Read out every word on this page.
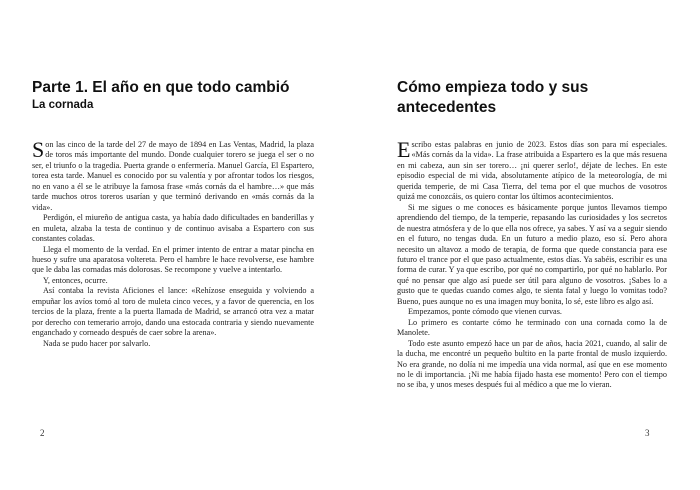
Parte 1. El año en que todo cambió
La cornada

Son las cinco de la tarde del 27 de mayo de 1894 en Las Ventas, Madrid, la plaza de toros más importante del mundo. Donde cualquier torero se juega el ser o no ser, el triunfo o la tragedia. Puerta grande o enfermería. Manuel García, El Espartero, torea esta tarde. Manuel es conocido por su valentía y por afrontar todos los riesgos, no en vano a él se le atribuye la famosa frase «más cornás da el hambre…» que más tarde muchos otros toreros usarían y que terminó derivando en «más cornás da la vida».

Perdigón, el miureño de antigua casta, ya había dado dificultades en banderillas y en muleta, alzaba la testa de continuo y de continuo avisaba a Espartero con sus constantes coladas.

Llega el momento de la verdad. En el primer intento de entrar a matar pincha en hueso y sufre una aparatosa voltereta. Pero el hambre le hace revolverse, ese hambre que le daba las cornadas más dolorosas. Se recompone y vuelve a intentarlo.

Y, entonces, ocurre.

Así contaba la revista Aficiones el lance: «Rehízose enseguida y volviendo a empuñar los avíos tomó al toro de muleta cinco veces, y a favor de querencia, en los tercios de la plaza, frente a la puerta llamada de Madrid, se arrancó otra vez a matar por derecho con temerario arrojo, dando una estocada contraria y siendo nuevamente enganchado y corneado después de caer sobre la arena».

Nada se pudo hacer por salvarlo.

2
Cómo empieza todo y sus antecedentes

Escribo estas palabras en junio de 2023. Estos días son para mí especiales. «Más cornás da la vida». La frase atribuida a Espartero es la que más resuena en mi cabeza, aun sin ser torero… ¡ni querer serlo!, déjate de leches. En este episodio especial de mi vida, absolutamente atípico de la meteorología, de mi querida temperie, de mi Casa Tierra, del tema por el que muchos de vosotros quizá me conozcáis, os quiero contar los últimos acontecimientos.

Si me sigues o me conoces es básicamente porque juntos llevamos tiempo aprendiendo del tiempo, de la temperie, repasando las curiosidades y los secretos de nuestra atmósfera y de lo que ella nos ofrece, ya sabes. Y así va a seguir siendo en el futuro, no tengas duda. En un futuro a medio plazo, eso sí. Pero ahora necesito un altavoz a modo de terapia, de forma que quede constancia para ese futuro el trance por el que paso actualmente, estos días. Ya sabéis, escribir es una forma de curar. Y ya que escribo, por qué no compartirlo, por qué no hablarlo. Por qué no pensar que algo así puede ser útil para alguno de vosotros. ¡Sabes lo a gusto que te quedas cuando comes algo, te sienta fatal y luego lo vomitas todo? Bueno, pues aunque no es una imagen muy bonita, lo sé, este libro es algo así.

Empezamos, ponte cómodo que vienen curvas.

Lo primero es contarte cómo he terminado con una cornada como la de Manolete.

Todo este asunto empezó hace un par de años, hacia 2021, cuando, al salir de la ducha, me encontré un pequeño bultito en la parte frontal de muslo izquierdo. No era grande, no dolía ni me impedía una vida normal, así que en ese momento no le di importancia. ¡Ni me había fijado hasta ese momento! Pero con el tiempo no se iba, y unos meses después fui al médico a que me lo vieran.

3
